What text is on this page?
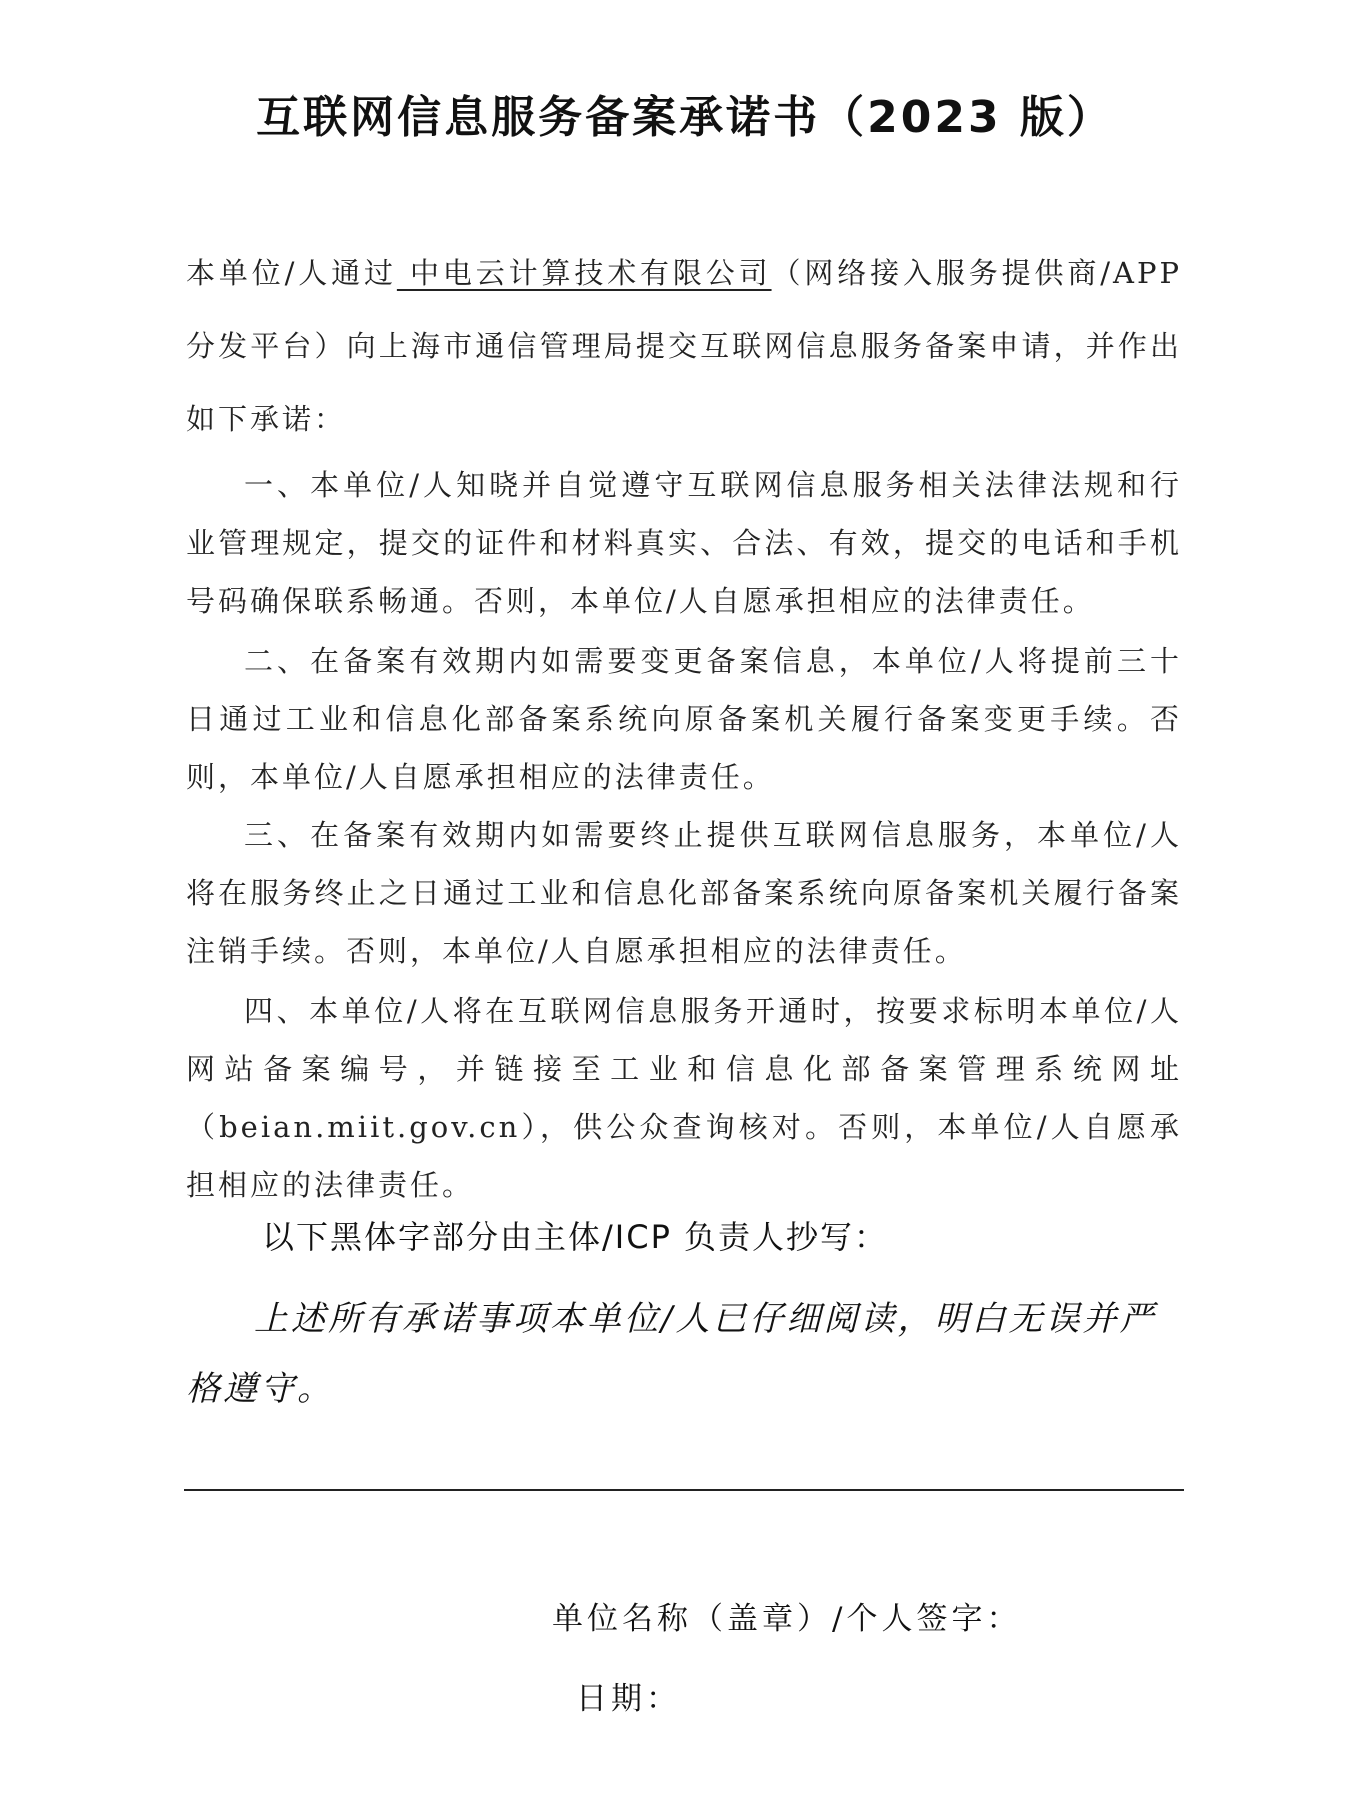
互联网信息服务备案承诺书（2023 版）
本单位/人通过 中电云计算技术有限公司（网络接入服务提供商/APP 分发平台）向上海市通信管理局提交互联网信息服务备案申请，并作出如下承诺：
一、本单位/人知晓并自觉遵守互联网信息服务相关法律法规和行业管理规定，提交的证件和材料真实、合法、有效，提交的电话和手机号码确保联系畅通。否则，本单位/人自愿承担相应的法律责任。
二、在备案有效期内如需要变更备案信息，本单位/人将提前三十日通过工业和信息化部备案系统向原备案机关履行备案变更手续。否则，本单位/人自愿承担相应的法律责任。
三、在备案有效期内如需要终止提供互联网信息服务，本单位/人将在服务终止之日通过工业和信息化部备案系统向原备案机关履行备案注销手续。否则，本单位/人自愿承担相应的法律责任。
四、本单位/人将在互联网信息服务开通时，按要求标明本单位/人网站备案编号，并链接至工业和信息化部备案管理系统网址（beian.miit.gov.cn），供公众查询核对。否则，本单位/人自愿承担相应的法律责任。
以下黑体字部分由主体/ICP 负责人抄写：
上述所有承诺事项本单位/人已仔细阅读，明白无误并严格遵守。
单位名称（盖章）/个人签字：
日期：
